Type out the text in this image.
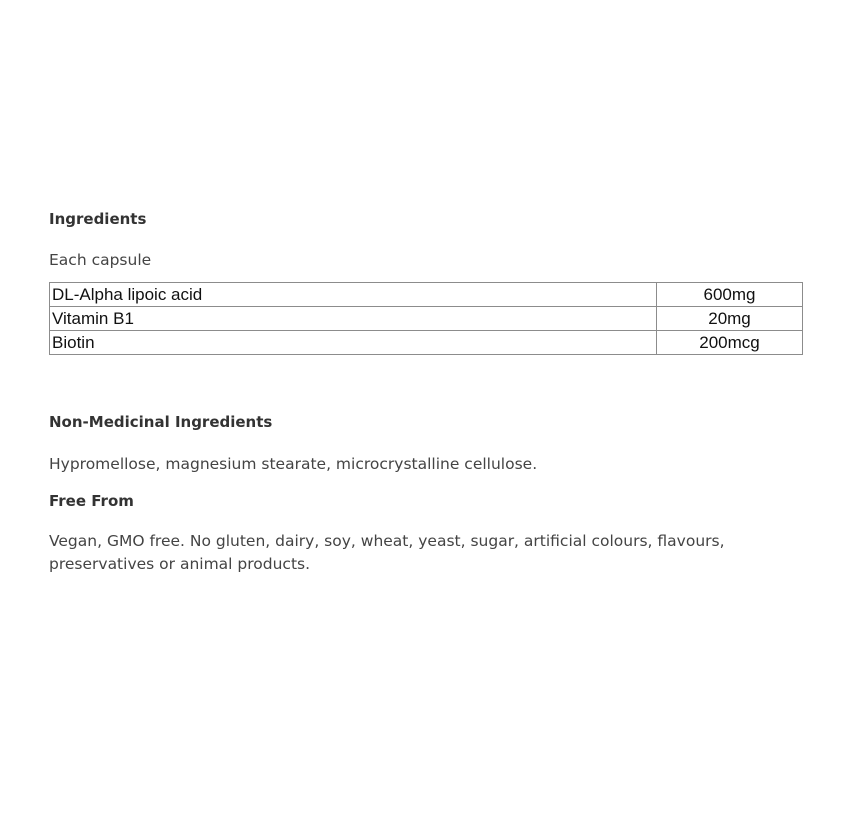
Ingredients
Each capsule
DL-Alpha lipoic acid	600mg
Vitamin B1	20mg
Biotin	200mcg
Non-Medicinal Ingredients
Hypromellose, magnesium stearate, microcrystalline cellulose.
Free From
Vegan, GMO free. No gluten, dairy, soy, wheat, yeast, sugar, artificial colours, flavours, preservatives or animal products.
